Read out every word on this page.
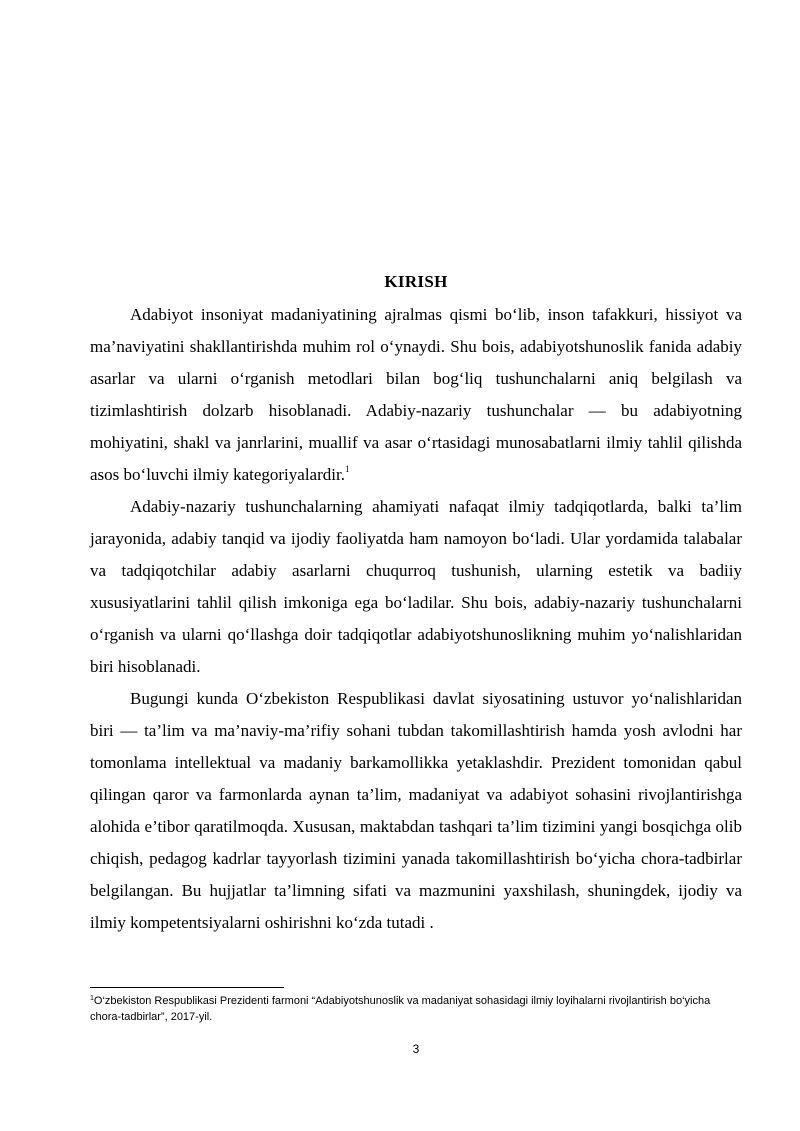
KIRISH

Adabiyot insoniyat madaniyatining ajralmas qismi bo‘lib, inson tafakkuri, hissiyot va ma’naviyatini shakllantirishda muhim rol o‘ynaydi. Shu bois, adabiyotshunoslik fanida adabiy asarlar va ularni o‘rganish metodlari bilan bog‘liq tushunchalarni aniq belgilash va tizimlashtirish dolzarb hisoblanadi. Adabiy-nazariy tushunchalar — bu adabiyotning mohiyatini, shakl va janrlarini, muallif va asar o‘rtasidagi munosabatlarni ilmiy tahlil qilishda asos bo‘luvchi ilmiy kategoriyalardir.$^1$

Adabiy-nazariy tushunchalarning ahamiyati nafaqat ilmiy tadqiqotlarda, balki ta’lim jarayonida, adabiy tanqid va ijodiy faoliyatda ham namoyon bo‘ladi. Ular yordamida talabalar va tadqiqotchilar adabiy asarlarni chuqurroq tushunish, ularning estetik va badiiy xususiyatlarini tahlil qilish imkoniga ega bo‘ladilar. Shu bois, adabiy-nazariy tushunchalarni o‘rganish va ularni qo‘llashga doir tadqiqotlar adabiyotshunoslikning muhim yo‘nalishlaridan biri hisoblanadi.

Bugungi kunda O‘zbekiston Respublikasi davlat siyosatining ustuvor yo‘nalishlaridan biri — ta’lim va ma’naviy-ma’rifiy sohani tubdan takomillashtirish hamda yosh avlodni har tomonlama intellektual va madaniy barkamollikka yetaklashdir. Prezident tomonidan qabul qilingan qaror va farmonlarda aynan ta’lim, madaniyat va adabiyot sohasini rivojlantirishga alohida e’tibor qaratilmoqda. Xususan, maktabdan tashqari ta’lim tizimini yangi bosqichga olib chiqish, pedagog kadrlar tayyorlash tizimini yanada takomillashtirish bo‘yicha chora-tadbirlar belgilangan. Bu hujjatlar ta’limning sifati va mazmunini yaxshilash, shuningdek, ijodiy va ilmiy kompetentsiyalarni oshirishni ko‘zda tutadi .

$^1$O‘zbekiston Respublikasi Prezidenti farmoni “Adabiyotshunoslik va madaniyat sohasidagi ilmiy loyihalarni rivojlantirish bo‘yicha chora-tadbirlar”, 2017-yil.

3
